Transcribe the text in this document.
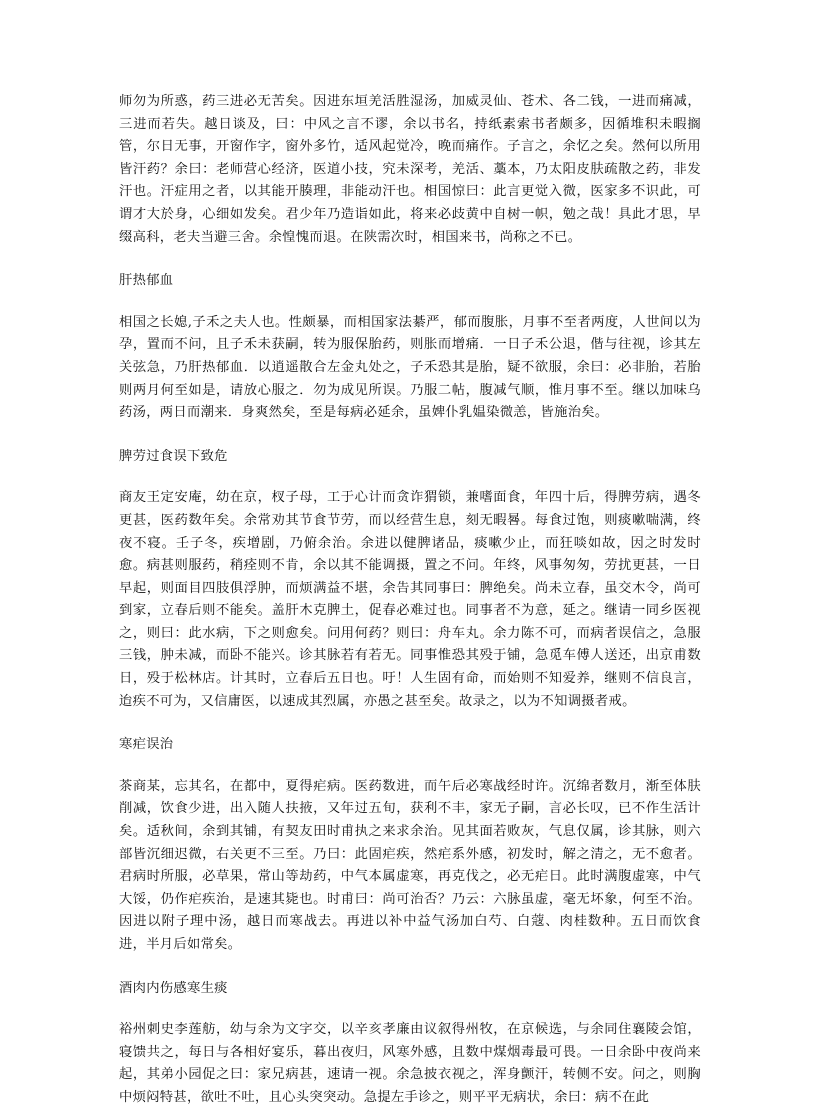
师勿为所惑，药三进必无苦矣。因进东垣羌活胜湿汤，加威灵仙、苍术、各二钱，一进而痛减，三进而若失。越日谈及，曰：中风之言不谬，余以书名，持纸素索书者颇多，因循堆积未暇搁管，尔日无事，开窗作字，窗外多竹，适风起觉冷，晚而痛作。子言之，余忆之矣。然何以所用皆汗药？余曰：老师营心经济，医道小技，究未深考，羌活、藁本，乃太阳皮肤疏散之药，非发汗也。汗症用之者，以其能开腠理，非能动汗也。相国惊曰：此言更觉入微，医家多不识此，可谓才大於身，心细如发矣。君少年乃造诣如此，将来必歧黄中自树一帜，勉之哉！具此才思，早缀高科，老夫当避三舍。余惶愧而退。在陕需次时，相国来书，尚称之不已。

肝热郁血

相国之长媳,子禾之夫人也。性颇暴，而相国家法綦严，郁而腹胀，月事不至者两度，人世间以为孕，置而不问，且子禾未获嗣，转为服保胎药，则胀而增痛．一日子禾公退，偕与往视，诊其左关弦急，乃肝热郁血．以逍遥散合左金丸处之，子禾恐其是胎，疑不欲服，余曰：必非胎，若胎则两月何至如是，请放心服之．勿为成见所误。乃服二帖，腹减气顺，惟月事不至。继以加味乌药汤，两日而潮来．身爽然矣，至是每病必延余，虽婢仆乳媪染微恙，皆施治矣。

脾劳过食误下致危

商友王定安庵，幼在京，杈子母，工于心计而贪诈猬锁，兼嗜面食，年四十后，得脾劳病，遇冬更甚，医药数年矣。余常劝其节食节劳，而以经营生息，刻无暇晷。每食过饱，则痰嗽喘满，终夜不寝。壬子冬，疾增剧，乃俯余治。余进以健脾诸品，痰嗽少止，而狂啖如故，因之时发时愈。病甚则服药，稍痊则不肯，余以其不能调摄，置之不问。年终，风事匆匆，劳扰更甚，一日早起，则面目四肢俱浮肿，而烦满益不堪，余告其同事曰：脾绝矣。尚未立春，虽交木令，尚可到家，立春后则不能矣。盖肝木克脾土，促春必难过也。同事者不为意，延之。继请一同乡医视之，则曰：此水病，下之则愈矣。问用何药？则曰：舟车丸。余力陈不可，而病者误信之，急服三钱，肿未减，而卧不能兴。诊其脉若有若无。同事惟恐其殁于铺，急觅车傅人送还，出京甫数日，殁于松林店。计其时，立春后五日也。吁！人生固有命，而始则不知爱养，继则不信良言，迨疾不可为，又信庸医，以速成其烈属，亦愚之甚至矣。故录之，以为不知调摄者戒。

寒疟误治

茶商某，忘其名，在都中，夏得疟病。医药数进，而午后必寒战经时许。沉绵者数月，渐至体肤削减，饮食少进，出入随人扶掖，又年过五旬，获利不丰，家无子嗣，言必长叹，已不作生活计矣。适秋间，余到其铺，有契友田时甫执之来求余治。见其面若败灰，气息仅属，诊其脉，则六部皆沉细迟微，右关更不三至。乃曰：此固疟疾，然疟系外感，初发时，解之清之，无不愈者。君病时所服，必草果，常山等劫药，中气本属虚寒，再克伐之，必无疟日。此时满腹虚寒，中气大馁，仍作疟疾治，是速其毙也。时甫曰：尚可治否？乃云：六脉虽虚，毫无坏象，何至不治。因进以附子理中汤，越日而寒战去。再进以补中益气汤加白芍、白蔻、肉桂数种。五日而饮食进，半月后如常矣。

酒肉内伤感寒生痰

裕州刺史李莲舫，幼与余为文字交，以辛亥孝廉由议叙得州牧，在京候选，与余同住襄陵会馆，寝馈共之，每日与各相好宴乐，暮出夜归，风寒外感，且数中煤烟毒最可畏。一日余卧中夜尚来起，其弟小园促之曰：家兄病甚，速请一视。余急披衣视之，浑身颤汗，转侧不安。问之，则胸中烦闷特甚，欲吐不吐，且心头突突动。急提左手诊之，则平平无病状，余曰：病不在此
